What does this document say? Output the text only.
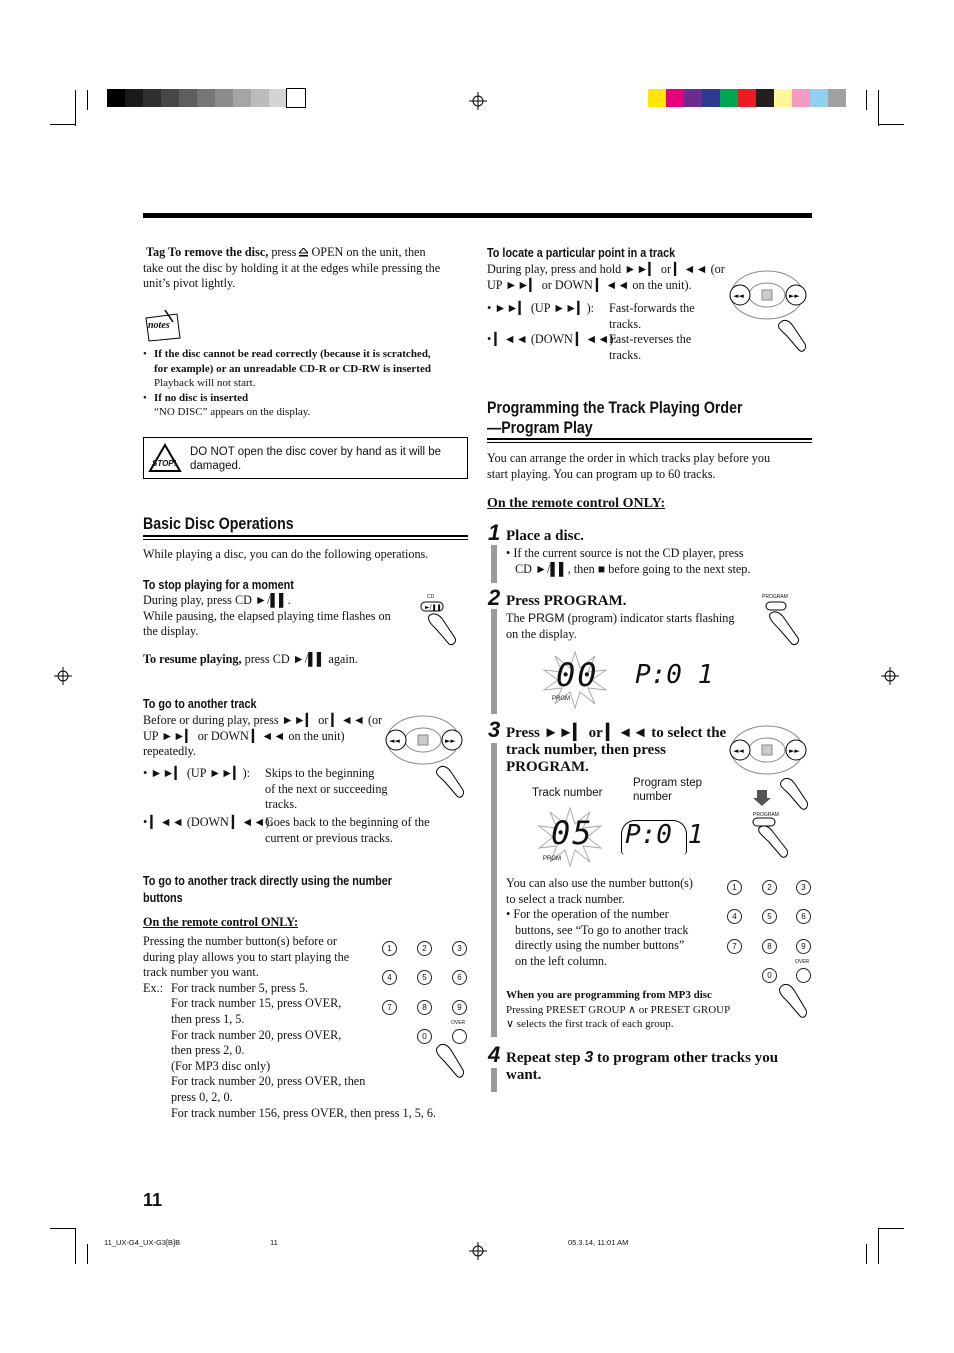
Tag To remove the disc, press  OPEN on the unit, then
take out the disc by holding it at the edges while pressing the
unit’s pivot lightly.
notes
• If the disc cannot be read correctly (because it is scratched,
for example) or an unreadable CD-R or CD-RW is inserted
Playback will not start.
• If no disc is inserted
“NO DISC” appears on the display.
STOP!
DO NOT open the disc cover by hand as it will be
damaged.
Basic Disc Operations
While playing a disc, you can do the following operations.
To stop playing for a moment
During play, press CD ►/▌▌.
While pausing, the elapsed playing time flashes on
the display.
To resume playing, press CD ►/▌▌ again.
CD
►/❚❚
To go to another track
Before or during play, press ►►▎ or ▎◄◄ (or
UP ►►▎ or DOWN ▎◄◄ on the unit)
repeatedly.
• ►►▎ (UP ►►▎): Skips to the beginning
of the next or succeeding
tracks.
• ▎◄◄ (DOWN ▎◄◄):
Goes back to the beginning of the
current or previous tracks.
◄◄	►►
To go to another track directly using the number
buttons
On the remote control ONLY:
Pressing the number button(s) before or
during play allows you to start playing the
track number you want.
Ex.: For track number 5, press 5.
For track number 15, press OVER,
then press 1, 5.
For track number 20, press OVER,
then press 2, 0.
(For MP3 disc only)
For track number 20, press OVER, then
press 0, 2, 0.
For track number 156, press OVER, then press 1, 5, 6.
1	2	3
4	5	6
7	8	9
0
OVER
11
To locate a particular point in a track
During play, press and hold ►►▎ or ▎◄◄ (or
UP ►►▎ or DOWN ▎◄◄ on the unit).
• ►►▎ (UP ►►▎): Fast-forwards the
tracks.
• ▎◄◄ (DOWN ▎◄◄):
Fast-reverses the
tracks.
◄◄	►►
Programming the Track Playing Order
—Program Play
You can arrange the order in which tracks play before you
start playing. You can program up to 60 tracks.
On the remote control ONLY:
1 Place a disc.
• If the current source is not the CD player, press
CD ►/▌▌, then ■ before going to the next step.
2 Press PROGRAM.
The PRGM (program) indicator starts flashing
on the display.
PROGRAM
00
PRGM
P:0 1
3 Press ►►▎ or ▎◄◄ to select the
track number, then press
PROGRAM.
Track number
Program step
number
05
PRGM
P:0 1
◄◄	►►
PROGRAM
You can also use the number button(s)
to select a track number.
• For the operation of the number
buttons, see “To go to another track
directly using the number buttons”
on the left column.
1	2	3
4	5	6
7	8	9
0
OVER
When you are programming from MP3 disc
Pressing PRESET GROUP ∧ or PRESET GROUP
∨ selects the first track of each group.
4 Repeat step 3 to program other tracks you
want.
11_UX-G4_UX-G3[B]B	11	05.3.14, 11:01 AM
